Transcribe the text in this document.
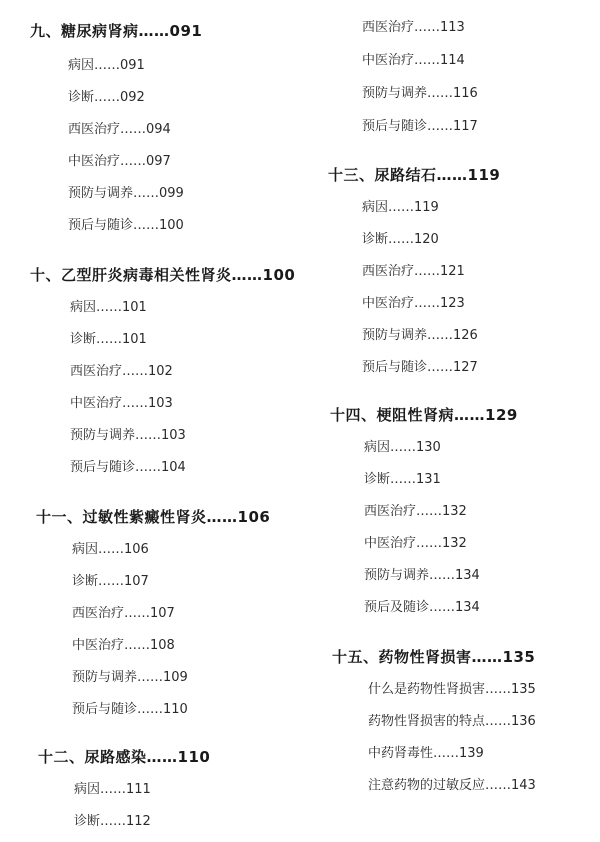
九、糖尿病肾病……091
病因……091
诊断……092
西医治疗……094
中医治疗……097
预防与调养……099
预后与随诊……100
十、乙型肝炎病毒相关性肾炎……100
病因……101
诊断……101
西医治疗……102
中医治疗……103
预防与调养……103
预后与随诊……104
十一、过敏性紫癜性肾炎……106
病因……106
诊断……107
西医治疗……107
中医治疗……108
预防与调养……109
预后与随诊……110
十二、尿路感染……110
病因……111
诊断……112
西医治疗……113
中医治疗……114
预防与调养……116
预后与随诊……117
十三、尿路结石……119
病因……119
诊断……120
西医治疗……121
中医治疗……123
预防与调养……126
预后与随诊……127
十四、梗阻性肾病……129
病因……130
诊断……131
西医治疗……132
中医治疗……132
预防与调养……134
预后及随诊……134
十五、药物性肾损害……135
什么是药物性肾损害……135
药物性肾损害的特点……136
中药肾毒性……139
注意药物的过敏反应……143
